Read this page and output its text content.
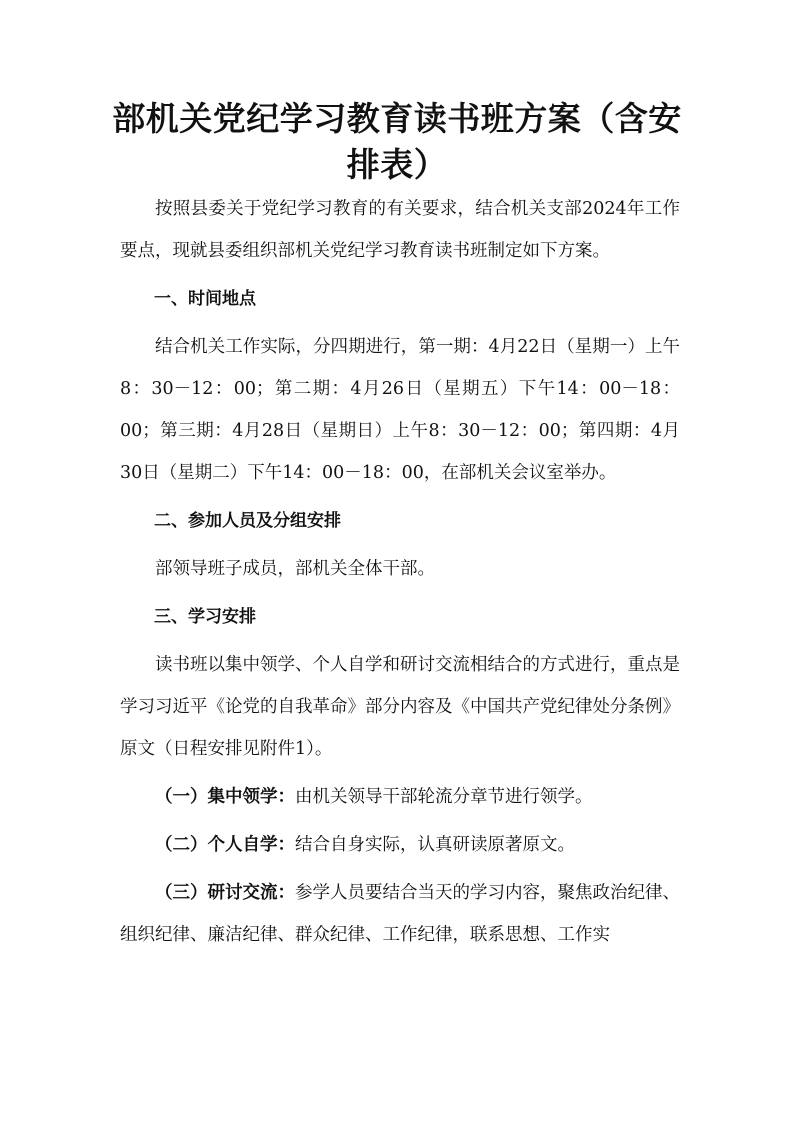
部机关党纪学习教育读书班方案（含安排表）

按照县委关于党纪学习教育的有关要求，结合机关支部2024年工作要点，现就县委组织部机关党纪学习教育读书班制定如下方案。

一、时间地点

结合机关工作实际，分四期进行，第一期：4月22日（星期一）上午8：30－12：00；第二期：4月26日（星期五）下午14：00－18：00；第三期：4月28日（星期日）上午8：30－12：00；第四期：4月30日（星期二）下午14：00－18：00，在部机关会议室举办。

二、参加人员及分组安排

部领导班子成员，部机关全体干部。

三、学习安排

读书班以集中领学、个人自学和研讨交流相结合的方式进行，重点是学习习近平《论党的自我革命》部分内容及《中国共产党纪律处分条例》原文（日程安排见附件1）。

（一）集中领学：由机关领导干部轮流分章节进行领学。

（二）个人自学：结合自身实际，认真研读原著原文。

（三）研讨交流：参学人员要结合当天的学习内容，聚焦政治纪律、组织纪律、廉洁纪律、群众纪律、工作纪律，联系思想、工作实
